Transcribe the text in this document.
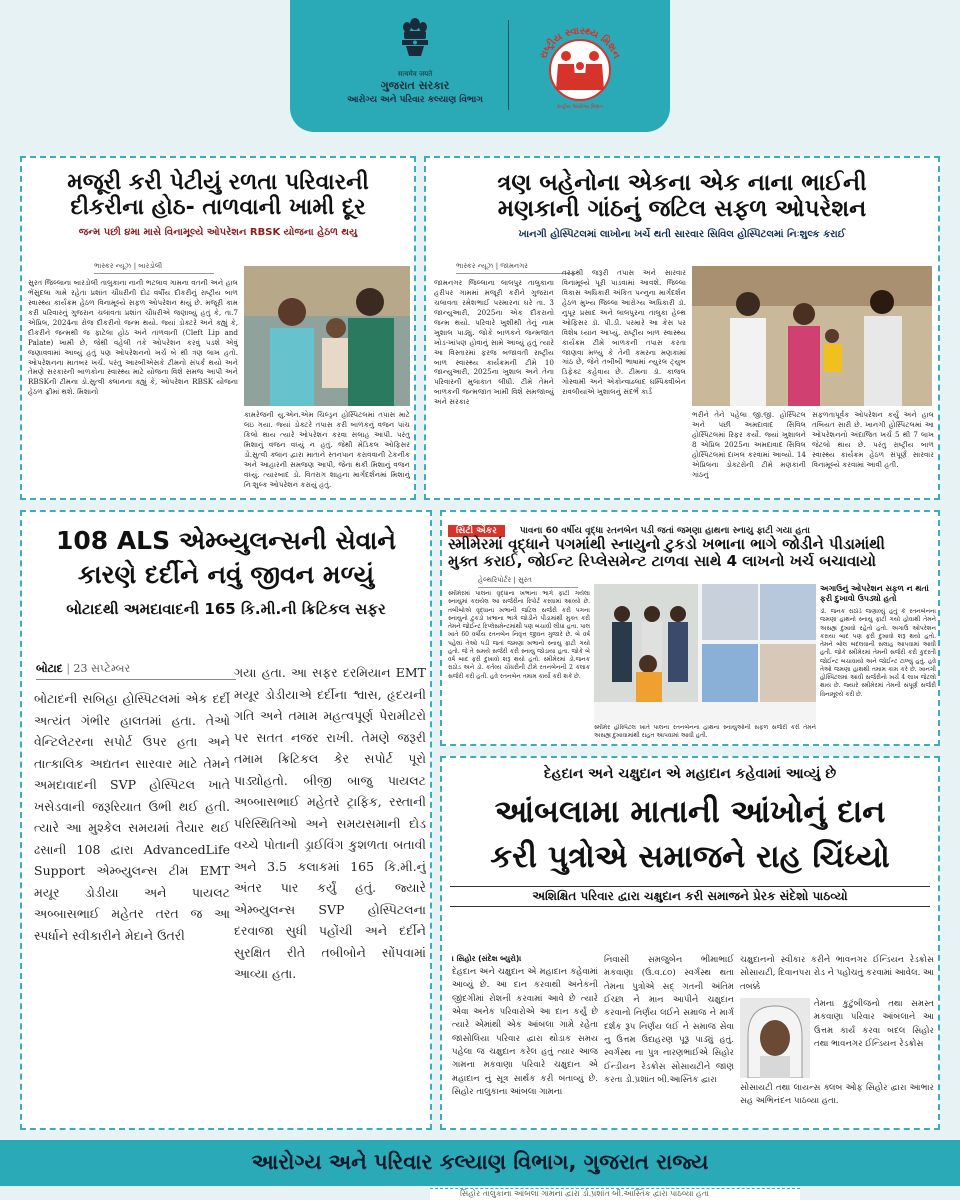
सत्यमेव जयते
ગુજરાત સરકાર
આરોગ્ય અને પરિવાર કલ્યાણ વિભાગ
રાષ્ટ્રીય સ્વાસ્થ્ય મિશન
રાષ્ટ્રીય આરોગ્ય મિશન
મજૂરી કરી પેટીયું રળતા પરિવારની
દીકરીના હોઠ- તાળવાની ખામી દૂર
જન્મ પછી ૪મા માસે વિનામૂલ્યે ઓપરેશન RBSK યોજના હેઠળ થયુ
ભાસ્કર ન્યૂઝ | બારડોલી
સુરત જિલ્લાના બારડોલી તાલુકાના નાની ભટલાવ ગામના વતની અને હાલ ભેંસુદલા ગામે રહેતા પ્રશાંત ચૌધરીની દોઢ વર્ષીય દીકરીનું રાષ્ટ્રીય બાળ સ્વાસ્થ્ય કાર્યક્રમ હેઠળ વિનામૂલ્યે સફળ ઓપરેશન થયું છે. મજૂરી કામ કરી પરિવારનું ગુજરાન ચલાવતા પ્રશાંત ચૌધરીએ જણાવ્યું હતું કે, તા.7 એપ્રિલ, 2024ના રોજ દીકરીનો જન્મ થયો. જ્યાં ડોક્ટરે અને ક્હ્યું કે, દીકરીને જન્મથી જ ફાટેલા હોઠ અને તાળવાની (Cleft Lip and Palate) ખામી છે, જેથી વહેલી તકે ઓપરેશન કરવું પડશે એવું જણાવવામાં આવ્યું હતું પણ ઓપરેશનનો ખર્ચ બે થી ત્રણ લાખ હતો. ઓપરેશનના માતબર ખર્ચ. પરંતુ આરબીએસકે ટીમનો સંપર્ક થયો અને તેમણે સરકારની બાળકોના સ્વાસ્થ્ય માટે યોજના વિશે સમજ આપી અને RBSKની ટીમના ડો.સુત્વી ક્લાનના ક્હ્યું કે, ઓપરેશન RBSK યોજના હેઠળ ફ્રીમાં થશે. મિશાનો
કામરેજની યુ.એન.એમ ચિલ્ડ્રન હોસ્પિટલમાં તપાસ માટે લઇ ગયા. જ્યાં ડોક્ટરે તપાસ કરી બાળકનું વજન પાંચ કિલો થાય ત્યારે ઓપરેશન કરવા સલાહ આપી. પરંતુ મિશાનું વજન વધ્યું ન હતું. જેથી મેડિકલ ઓફિસર ડો.સુત્વી ક્લાન દ્વારા માતાને સ્તનપાન કરાવવાની ટેકનીક અને આહારની સમજણ આપી, જેના થકી મિશાનું વજન વધ્યું. ત્યારબાદ ડો. વિતરાગ શાહના માર્ગદર્શનમાં મિશાનું નિઃશુલ્ક ઓપરેશન કરાયું હતું.
ત્રણ બહેનોના એકના એક નાના ભાઈની
મણકાની ગાંઠનું જટિલ સફળ ઓપરેશન
ખાનગી હોસ્પિટલમાં લાખોના ખર્ચે થતી સારવાર સિવિલ હોસ્પિટલમાં નિઃશુલ્ક કરાઈ
ભાસ્કર ન્યૂઝ | જામનગર
જામનગર જિલ્લાના લાલપુર તાલુકાના હરીપર ગામમાં મજૂરી કરીને ગુજરાન ચલાવતા રમેશભાઈ પરમારના ઘરે તા. 3 જાન્યુઆરી, 2025ના એક દીકરાનો જન્મ થયો. પરિવારે ખુશીથી તેનું નામ ખુશાલ પાડ્યું. જોકે બાળકને જન્મજાત ખોડ-ખાંપણ હોવાનું સામે આવ્યું હતું ત્યારે આ વિસ્તારમાં ફરજ બજાવતી રાષ્ટ્રીય બાળ સ્વાસ્થ્ય કાર્યક્રમની ટીમે 10 જાન્યુઆરી, 2025ના ખુશાલ અને તેના પરિવારની મુલાકાત લીધી. ટીમે તેમને બાળકની જન્મજાત ખામી વિશે સમજાવ્યું અને સરકાર
તરફથી જરૂરી તપાસ અને સારવાર વિનામૂલ્યે પૂરી પાડવામાં આવશે. જિલ્લા વિકાસ અધિકારી અંકિત પન્નુના માર્ગદર્શન હેઠળ મુખ્ય જિલ્લા આરોગ્ય અધિકારી ડૉ. નુપૂર પ્રસાદ અને લાલપુરના તાલુકા હેલ્થ ઓફિસર ડૉ. પી.ડી. પરમારે આ કેસ પર વિશેષ ધ્યાન આપ્યું. રાષ્ટ્રીય બાળ સ્વાસ્થ્ય કાર્યક્રમ ટીમે બાળકની તપાસ કરતા જાણવા મળ્યું કે તેની કમરના મણકામાં ગાંઠ છે, જેને તબીબી ભાષામાં ન્યુરલ ટ્યુબ ડિફેક્ટ કહેવાય છે. ટીમના ડૉ. કાજલ ગોસ્વામી અને એકોન્વાહ્લાદ ઘમ્પિક્વીબેન રાવલીયાએ ખુશાલનું સંદર્ભ કાર્ડ
ભરીને તેને પહેલા જી.જી. હોસ્પિટલ અને પછી અમદાવાદ સિવિલ હોસ્પિટલમાં રિફર કર્યો. જ્યાં ખુશાલને 8 એપ્રિલ 2025ના અમદાવાદ સિવિલ હોસ્પિટલમાં દાખલ કરવામાં આવ્યો. 14 એપ્રિલના ડોક્ટરોની ટીમે મણકાની ગાંઠનું
સફળતાપૂર્વક ઓપરેશન કર્યું અને હાલ તબિયત સારી છે. ખાનગી હોસ્પિટલમાં આ ઓપરેશનનો અંદાજિત ખર્ચ 5 થી 7 લાખ જેટલો થાય છે. પરંતુ રાષ્ટ્રીય બાળ સ્વાસ્થ્ય કાર્યક્રમ હેઠળ સંપૂર્ણ સારવાર વિનામૂલ્યે કરવામાં આવી હતી.
108 ALS એમ્બ્યુલન્સની સેવાને
કારણે દર્દીને નવું જીવન મળ્યું
બોટાદથી અમદાવાદની 165 કિ.મી.ની ક્રિટિકલ સફર
બોટાદ | 23 સપ્ટેમ્બર
બોટાદની સબિહા હોસ્પિટલમાં એક દર્દી અત્યંત ગંભીર હાલતમાં હતા. તેઓ વેન્ટિલેટરના સપોર્ટ ઉપર હતા અને તાત્કાલિક અદ્યતન સારવાર માટે તેમને અમદાવાદની SVP હોસ્પિટલ ખાતે ખસેડવાની જરૂરિયાત ઉભી થઈ હતી. ત્યારે આ મુશ્કેલ સમયમાં તૈયાર થઈ ઢસાની 108 દ્વારા AdvancedLife Support એમ્બ્યુલન્સ ટીમ EMT મયૂર ડોડીયા અને પાયલટ અબ્બાસભાઈ મહેતર તરત જ આ સ્પર્ધાને સ્વીકારીને મેદાને ઉતરી
ગયા હતા. આ સફર દરમિયાન EMT મયૂર ડોડીયાએ દર્દીના શ્વાસ, હૃદયની ગતિ અને તમામ મહત્વપૂર્ણ પેરામીટરો પર સતત નજર રાખી. તેમણે જરૂરી તમામ ક્રિટિકલ કેર સપોર્ટ પૂરો પાડ્યોહતો. બીજી બાજુ પાયલટ અબ્બાસભાઈ મહેતરે ટ્રાફિક, રસ્તાની પરિસ્થિતિઓ અને સમયસમાની દોડ વચ્ચે પોતાની ડ્રાઈવિંગ કુશળતા બતાવી અને 3.5 કલાકમાં 165 કિ.મી.નું અંતર પાર કર્યું હતું. જ્યારે એમ્બ્યુલન્સ SVP હોસ્પિટલના દરવાજા સુધી પહોંચી અને દર્દીને સુરક્ષિત રીતે તબીબોને સોંપવામાં આવ્યા હતા.
સિટી એંકર	પાવના 60 વર્ષીય વૃદ્ધા રતનબેન પડી જતાં જમણા હાથના સ્નાયુ ફાટી ગયા હતા
સ્મીમેરમાં વૃદ્ધાને પગમાંથી સ્નાયુનો ટુકડો ખભાના ભાગે જોડીને પીડામાંથી
મુક્ત કરાઈ, જોઈન્ટ રિપ્લેસમેન્ટ ટાળવા સાથે 4 લાખનો ખર્ચ બચાવાયો
હેલ્થરિપોર્ટર | સુરત
સ્મીમેરમાં પાલના વૃદ્ધાના ખભાના ભાગે ફાટી ગયેલા સ્નાયુમાં કરાયેલ આ સર્જરીના રિપોર્ટ કરવામાં આવ્યો છે. તબીબોએ વૃદ્ધાના ખભાની જટિલ સર્જરી કરી પગના સ્નાયુનો ટુકડો ખભાના ભાગે જોડીને પીડામાંથી મુક્ત કરી તેમને જોઈન્ટ રિપ્લેસમેન્ટમાંથી પણ બચાવી લીધા હતા. પાલ ખાતે 60 વર્ષીય રતનબેન નિવૃત્ત જીવન ગુજારે છે. બે વર્ષ પહેલાં તેઓ પડી જતાં જમણા ખભાનો સ્નાયુ ફાટી ગયો હતો. જે તે સમયે સર્જરી કરી સ્નાયુ જોડાયા હતા. જોકે બે વર્ષ બાદ ફરી દુખાવો શરૂ થયો હતો. સ્મીમેરમાં ડો.જનક રાઠોડ અને ડો. કર્તવ્ય ચૌધરીની ટીમે રતનબેનની 2 કલાક સર્જરી કરી હતી. હવે રતનબેન તમામ કાર્યો કરી શકે છે.
સ્મીમેર હોસ્પિટલ ખાતે પાલના રતનબેનના હાથના સ્નાયુઓની સફળ સર્જરી કરી તેમને અસહ્ય દુખાવામાંથી રાહત આપવામાં આવી હતી.
અગાઉનું ઓપરેશન સફળ ન થતાં ફરી દુખાવો ઉપડ્યો હતો
ડો. જનક રાઠોડે જણાવ્યું હતું કે રતનબેનના જમણા હાથનો સ્નાયુ ફાટી ગયો હોવાથી તેમને અસહ્ય દુખાવો રહેતો હતો. અગાઉ ઓપરેશન કરાયા બાદ પણ ફરી દુખાવો શરૂ થયો હતો. તેમને બોલ બદલવાની સલાહ આપવામાં આવી હતી. જોકે સ્મીમેરમાં તેમની સર્જરી કરી કુદરતી જોઈન્ટ બચાવાયો અને જોઈન્ટ ટાળ્યું હતું. હવે તેઓ જમણા હાથથી તમામ કામ કરે છે. ખાનગી હોસ્પિટલમાં આવી સર્જરીનો ખર્ચ 4 લાખ જેટલો થાય છે. જ્યારે સ્મીમેરમાં તેમની સંપૂર્ણ સર્જરી વિનામૂલ્યે કરી છે.
દેહદાન અને ચક્ષુદાન એ મહાદાન કહેવામાં આવ્યું છે
આંબલામા માતાની આંખોનું દાન
કરી પુત્રોએ સમાજને રાહ ચિંધ્યો
અશિક્ષિત પરિવાર દ્વારા ચક્ષુદાન કરી સમાજને પ્રેરક સંદેશો પાઠવ્યો
। સિહોર (સંદેશ બ્યુરો)।
દેહદાન અને ચક્ષુદાન એ મહાદાન કહેવામાં આવ્યું છે. આ દાન કરવાથી અનેકની જીંદગીમાં રોશની કરવામાં આવે છે ત્યારે એવા અનેક પરિવારોએ આ દાન કર્યું છે ત્યારે એમાંથી એક આંબલા ગામે રહેતા જાસોલિયા પરિવાર દ્વારા થોડાક સમય પહેલા જ ચક્ષુદાન કરેલ હતું ત્યાર આજ ગામના મકવાણા પરિવારે ચક્ષુદાન એ મહાદાન નું સૂત્ર સાર્થક કરી બતાવ્યું છે. સિહોર તાલુકાના આંબલા ગામના
નિવાસી સમજુબેન ભીમાભાઈ મકવાણા (ઉ.વ.૮૦) સ્વર્ગસ્થ થતા તેમના પુત્રોએ સદ્ ગતની અંતિમ ઈચ્છા ને માન આપીને ચક્ષુદાન કરવાનો નિર્ણય લઈને સમાજ ને માર્ગ દર્શક રૂપ નિર્ણય લઈ ને સમાજ સેવા નુ ઉત્તમ ઉદાહરણ પૂરૂ પાડ્યું હતું. સ્વર્ગસ્થ ના પુત્ર નારણભાઈએ સિહોર ઈન્ડીયન રેડક્રોસ સોસાયટીને જાણ કરતા ડો.પ્રશાંત બી.આસ્તિક દ્વારા
ચક્ષુદાનનો સ્વીકાર કરીને ભાવનગર ઈન્ડિયન રેડક્રોસ સોસાયટી, દિવાનપરા રોડ ને પહોંચતું કરવામાં આવેલ. આ તબક્કે
તેમના કુટુંબીજનો તથા સમસ્ત મકવાણા પરિવાર આંબલાને આ ઉત્તમ કાર્ય કરવા બદલ સિહોર તથા ભાવનગર ઈન્ડિયન રેડક્રોસ
સોસાયટી તથા લાયન્સ ક્લબ ઓફ સિહોર દ્વારા આભાર સહ અભિનંદન પાઠવ્યા હતા.
આરોગ્ય અને પરિવાર કલ્યાણ વિભાગ, ગુજરાત રાજ્ય
સિહોર તાલુકાના આંબલા ગામના દ્વારા ડો.પ્રશાંત બી.આસ્તિક દ્વારા પાઠવ્યા હતા
